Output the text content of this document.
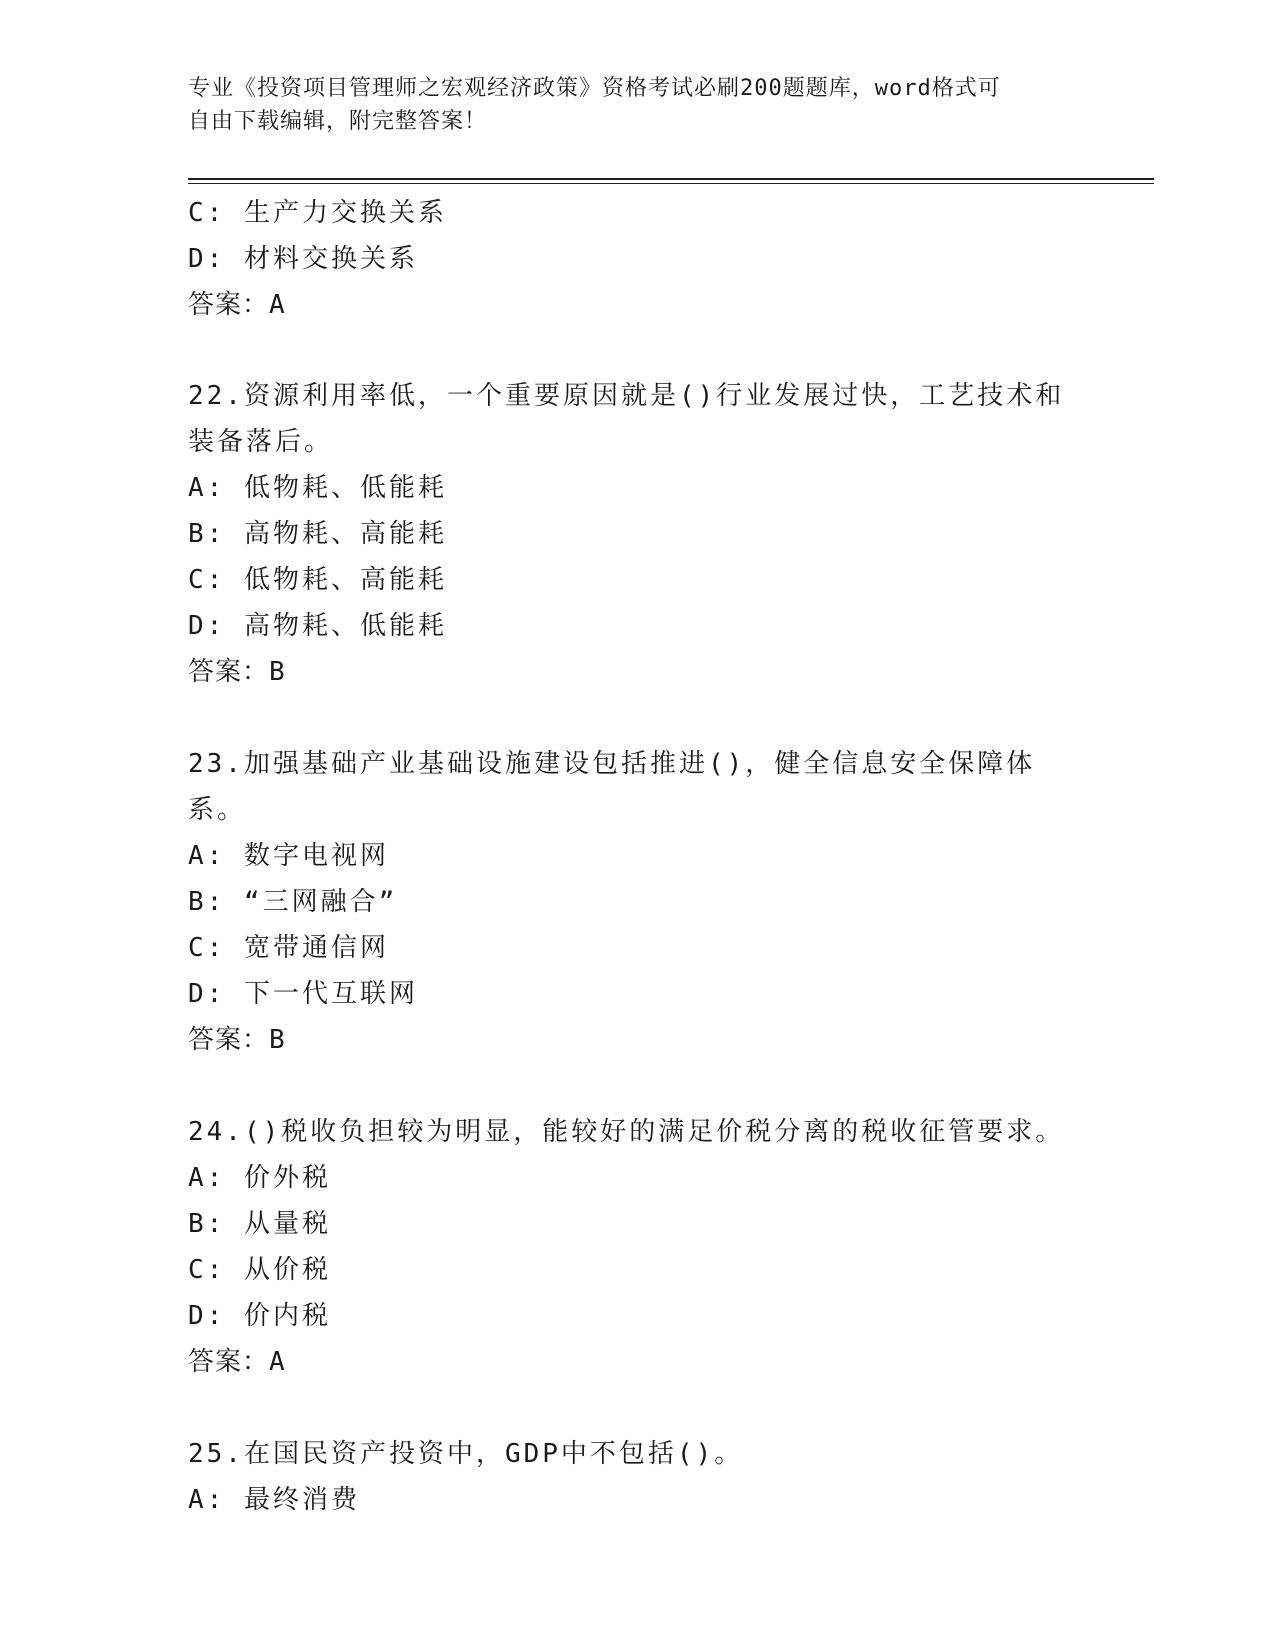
专业《投资项目管理师之宏观经济政策》资格考试必刷200题题库，word格式可
自由下载编辑，附完整答案！
C: 生产力交换关系
D: 材料交换关系
答案：A
22.资源利用率低，一个重要原因就是()行业发展过快，工艺技术和装备落后。
A: 低物耗、低能耗
B: 高物耗、高能耗
C: 低物耗、高能耗
D: 高物耗、低能耗
答案：B
23.加强基础产业基础设施建设包括推进()，健全信息安全保障体系。
A: 数字电视网
B: “三网融合”
C: 宽带通信网
D: 下一代互联网
答案：B
24.()税收负担较为明显，能较好的满足价税分离的税收征管要求。
A: 价外税
B: 从量税
C: 从价税
D: 价内税
答案：A
25.在国民资产投资中，GDP中不包括()。
A: 最终消费
